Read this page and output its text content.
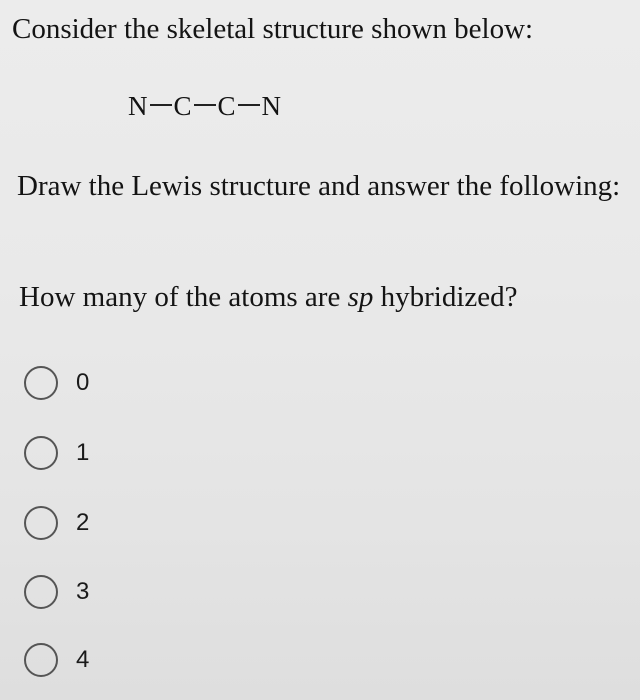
Consider the skeletal structure shown below:
N C C N
Draw the Lewis structure and answer the following:
How many of the atoms are sp hybridized?
0
1
2
3
4
